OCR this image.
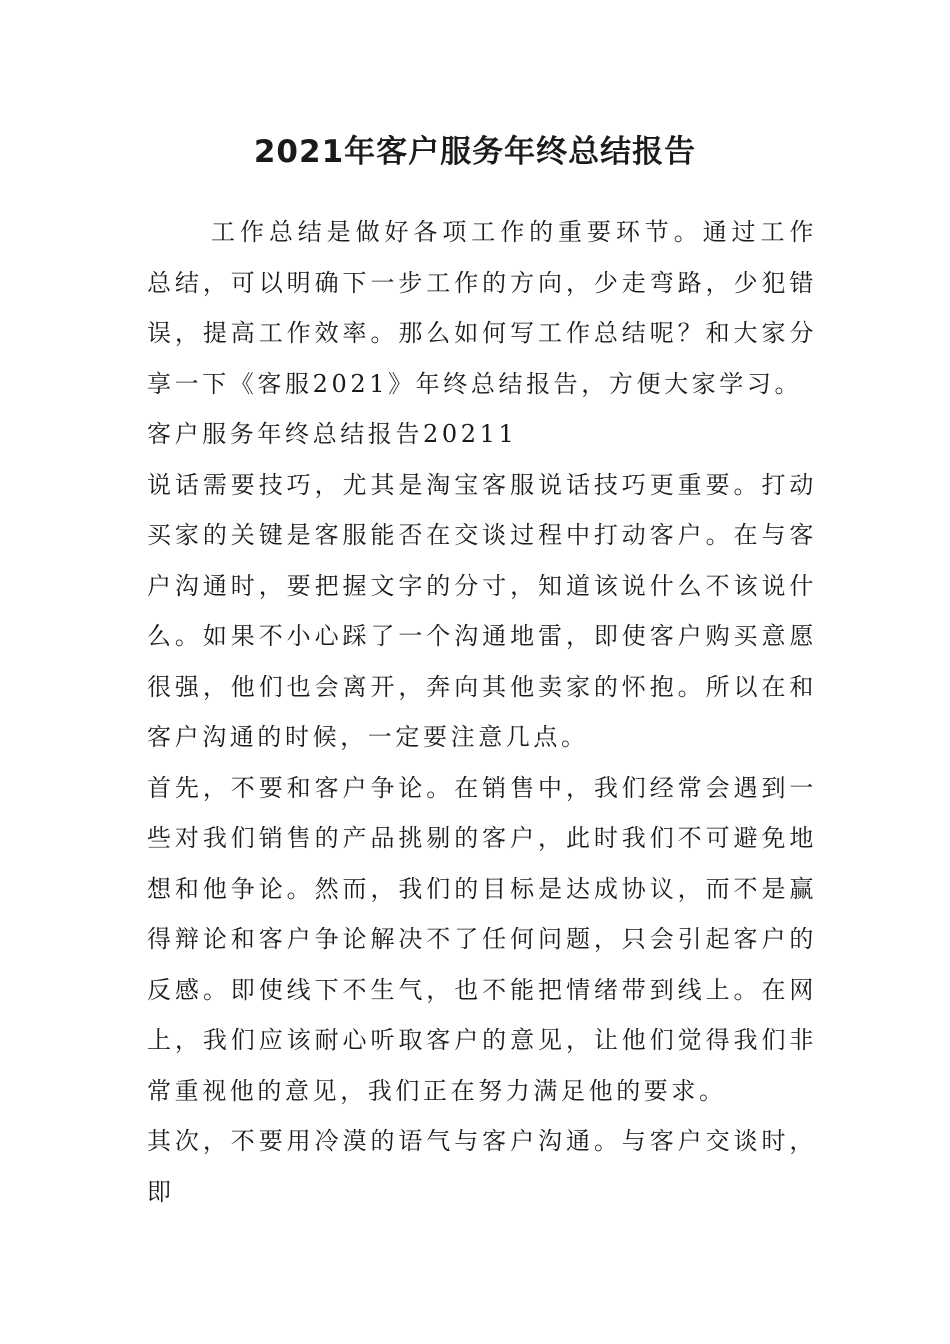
2021年客户服务年终总结报告

工作总结是做好各项工作的重要环节。通过工作总结，可以明确下一步工作的方向，少走弯路，少犯错误，提高工作效率。那么如何写工作总结呢？和大家分享一下《客服2021》年终总结报告，方便大家学习。

客户服务年终总结报告20211

说话需要技巧，尤其是淘宝客服说话技巧更重要。打动买家的关键是客服能否在交谈过程中打动客户。在与客户沟通时，要把握文字的分寸，知道该说什么不该说什么。如果不小心踩了一个沟通地雷，即使客户购买意愿很强，他们也会离开，奔向其他卖家的怀抱。所以在和客户沟通的时候，一定要注意几点。

首先，不要和客户争论。在销售中，我们经常会遇到一些对我们销售的产品挑剔的客户，此时我们不可避免地想和他争论。然而，我们的目标是达成协议，而不是赢得辩论和客户争论解决不了任何问题，只会引起客户的反感。即使线下不生气，也不能把情绪带到线上。在网上，我们应该耐心听取客户的意见，让他们觉得我们非常重视他的意见，我们正在努力满足他的要求。

其次，不要用冷漠的语气与客户沟通。与客户交谈时，即
